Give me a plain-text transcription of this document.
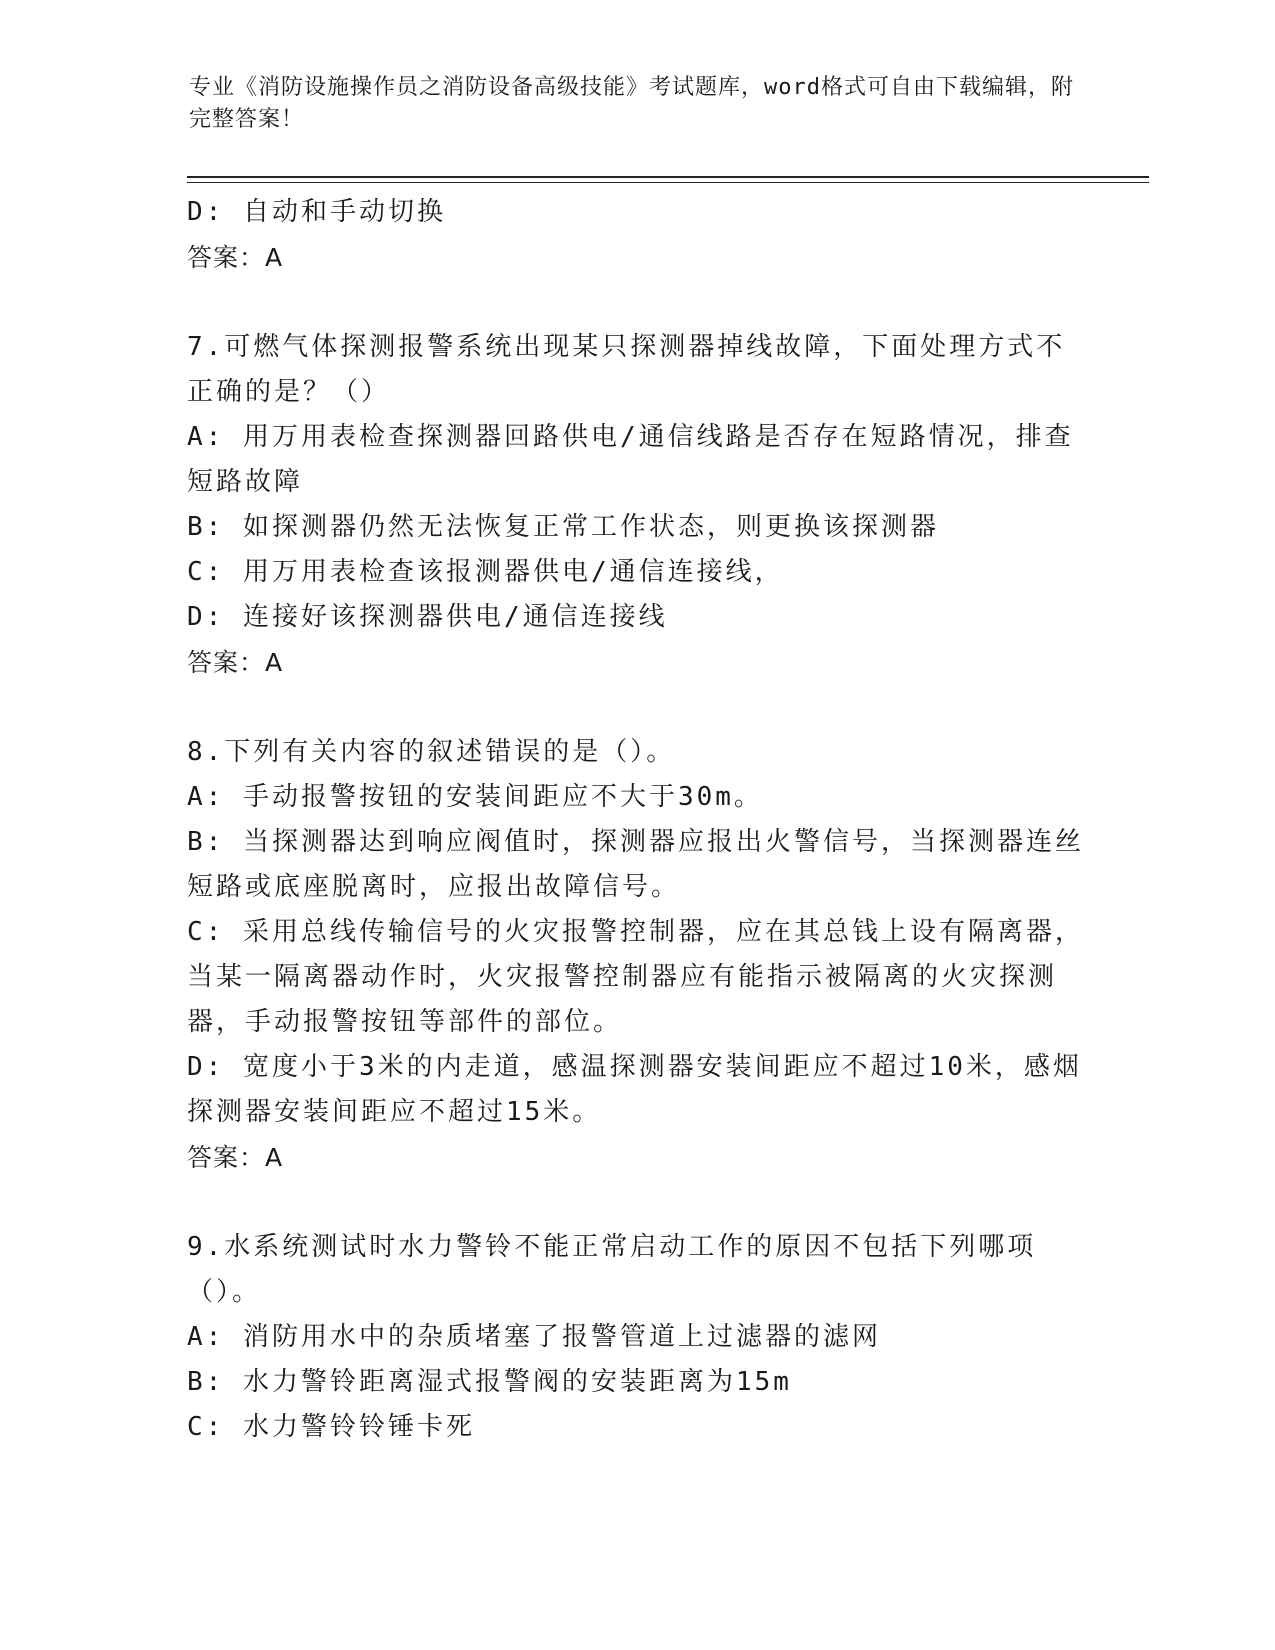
专业《消防设施操作员之消防设备高级技能》考试题库，word格式可自由下载编辑，附完整答案！

D: 自动和手动切换

答案：A

7.可燃气体探测报警系统出现某只探测器掉线故障，下面处理方式不正确的是？（）

A: 用万用表检查探测器回路供电/通信线路是否存在短路情况，排查短路故障

B: 如探测器仍然无法恢复正常工作状态，则更换该探测器

C: 用万用表检查该报测器供电/通信连接线，

D: 连接好该探测器供电/通信连接线

答案：A

8.下列有关内容的叙述错误的是（）。

A: 手动报警按钮的安装间距应不大于30m。

B: 当探测器达到响应阀值时，探测器应报出火警信号，当探测器连丝短路或底座脱离时，应报出故障信号。

C: 采用总线传输信号的火灾报警控制器，应在其总钱上设有隔离器，当某一隔离器动作时，火灾报警控制器应有能指示被隔离的火灾探测器，手动报警按钮等部件的部位。

D: 宽度小于3米的内走道，感温探测器安装间距应不超过10米，感烟探测器安装间距应不超过15米。

答案：A

9.水系统测试时水力警铃不能正常启动工作的原因不包括下列哪项（）。

A: 消防用水中的杂质堵塞了报警管道上过滤器的滤网

B: 水力警铃距离湿式报警阀的安装距离为15m

C: 水力警铃铃锤卡死
